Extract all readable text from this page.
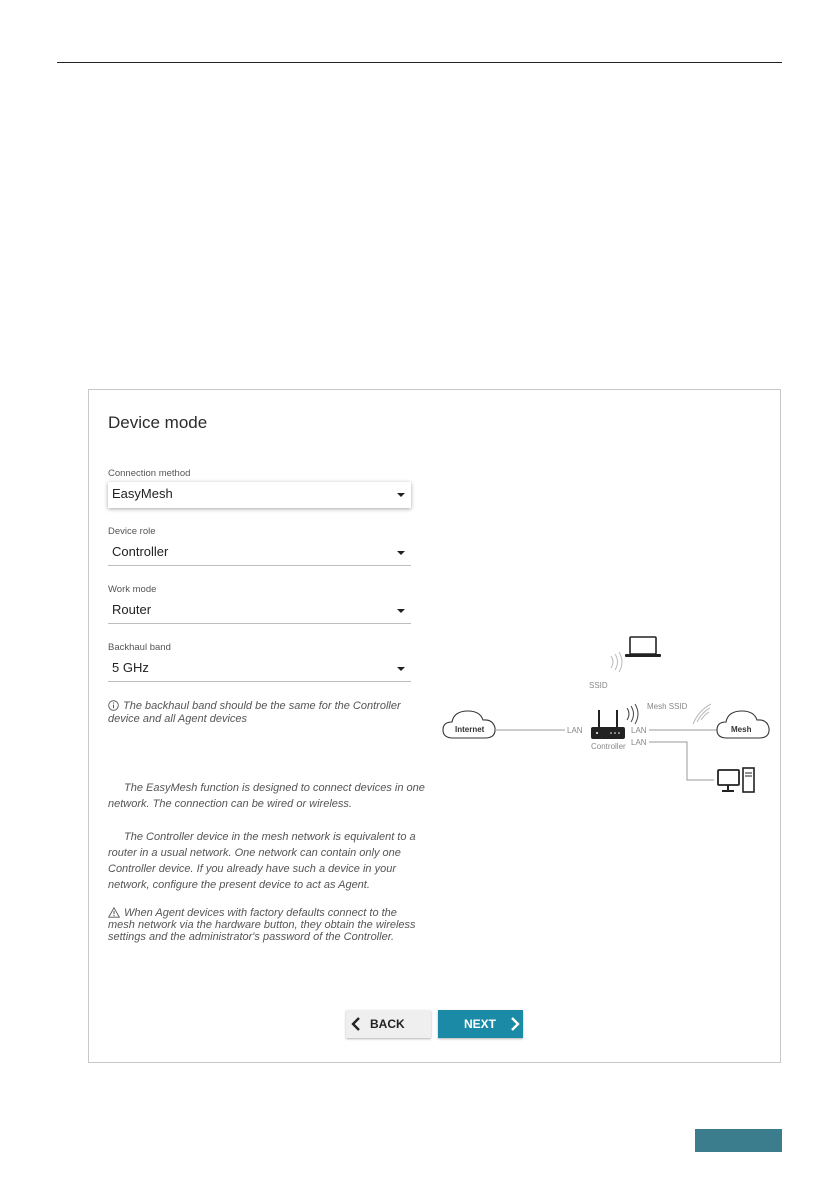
Device mode
Connection method
EasyMesh
Device role
Controller
Work mode
Router
Backhaul band
5 GHz
The backhaul band should be the same for the Controller device and all Agent devices
The EasyMesh function is designed to connect devices in one network. The connection can be wired or wireless.
The Controller device in the mesh network is equivalent to a router in a usual network. One network can contain only one Controller device. If you already have such a device in your network, configure the present device to act as Agent.
When Agent devices with factory defaults connect to the mesh network via the hardware button, they obtain the wireless settings and the administrator's password of the Controller.
SSID
Controller
Internet	LAN	LAN
LAN
Mesh SSID
Mesh
BACK	NEXT
